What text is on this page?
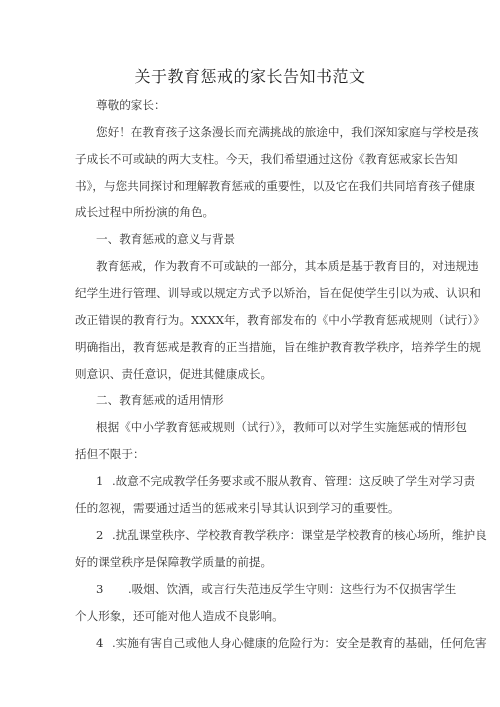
关于教育惩戒的家长告知书范文
尊敬的家长：
您好！在教育孩子这条漫长而充满挑战的旅途中，我们深知家庭与学校是孩
子成长不可或缺的两大支柱。今天，我们希望通过这份《教育惩戒家长告知
书》，与您共同探讨和理解教育惩戒的重要性，以及它在我们共同培育孩子健康
成长过程中所扮演的角色。
一、教育惩戒的意义与背景
教育惩戒，作为教育不可或缺的一部分，其本质是基于教育目的，对违规违
纪学生进行管理、训导或以规定方式予以矫治，旨在促使学生引以为戒、认识和
改正错误的教育行为。XXXX年，教育部发布的《中小学教育惩戒规则（试行）》
明确指出，教育惩戒是教育的正当措施，旨在维护教育教学秩序，培养学生的规
则意识、责任意识，促进其健康成长。
二、教育惩戒的适用情形
根据《中小学教育惩戒规则（试行）》，教师可以对学生实施惩戒的情形包
括但不限于：
1 .故意不完成教学任务要求或不服从教育、管理：这反映了学生对学习责
任的忽视，需要通过适当的惩戒来引导其认识到学习的重要性。
2 .扰乱课堂秩序、学校教育教学秩序：课堂是学校教育的核心场所，维护良
好的课堂秩序是保障教学质量的前提。
3 .吸烟、饮酒，或言行失范违反学生守则：这些行为不仅损害学生
个人形象，还可能对他人造成不良影响。
4 .实施有害自己或他人身心健康的危险行为：安全是教育的基础，任何危害
